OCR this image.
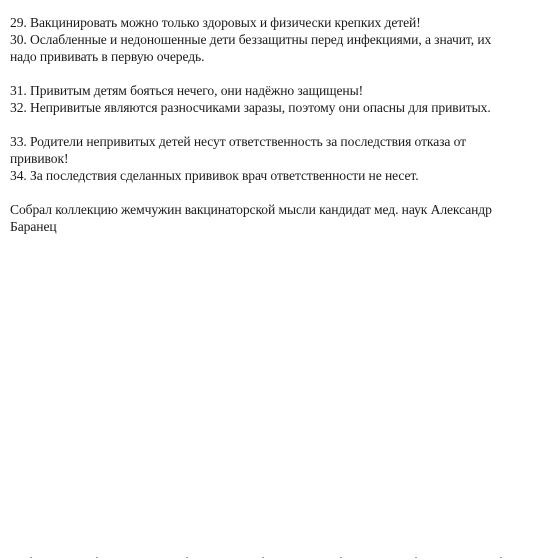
29. Вакцинировать можно только здоровых и физически крепких детей!

30. Ослабленные и недоношенные дети беззащитны перед инфекциями, а значит, их
надо прививать в первую очередь.

31. Привитым детям бояться нечего, они надёжно защищены!

32. Непривитые являются разносчиками заразы, поэтому они опасны для привитых.

33. Родители непривитых детей несут ответственность за последствия отказа от
прививок!

34. За последствия сделанных прививок врач ответственности не несет.

Собрал коллекцию жемчужин вакцинаторской мысли кандидат мед. наук Александр
Баранец
